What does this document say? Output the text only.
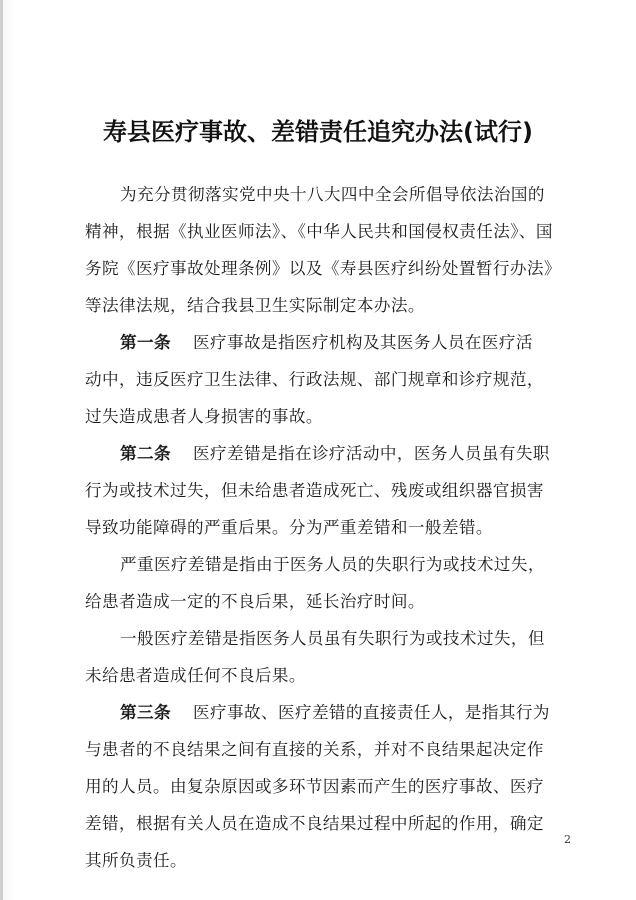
寿县医疗事故、差错责任追究办法(试行)
为充分贯彻落实党中央十八大四中全会所倡导依法治国的
精神，根据《执业医师法》、《中华人民共和国侵权责任法》、国
务院《医疗事故处理条例》以及《寿县医疗纠纷处置暂行办法》
等法律法规，结合我县卫生实际制定本办法。
第一条 医疗事故是指医疗机构及其医务人员在医疗活
动中，违反医疗卫生法律、行政法规、部门规章和诊疗规范，
过失造成患者人身损害的事故。
第二条 医疗差错是指在诊疗活动中，医务人员虽有失职
行为或技术过失，但未给患者造成死亡、残废或组织器官损害
导致功能障碍的严重后果。分为严重差错和一般差错。
严重医疗差错是指由于医务人员的失职行为或技术过失，
给患者造成一定的不良后果，延长治疗时间。
一般医疗差错是指医务人员虽有失职行为或技术过失，但
未给患者造成任何不良后果。
第三条 医疗事故、医疗差错的直接责任人，是指其行为
与患者的不良结果之间有直接的关系，并对不良结果起决定作
用的人员。由复杂原因或多环节因素而产生的医疗事故、医疗
差错，根据有关人员在造成不良结果过程中所起的作用，确定
其所负责任。
2
